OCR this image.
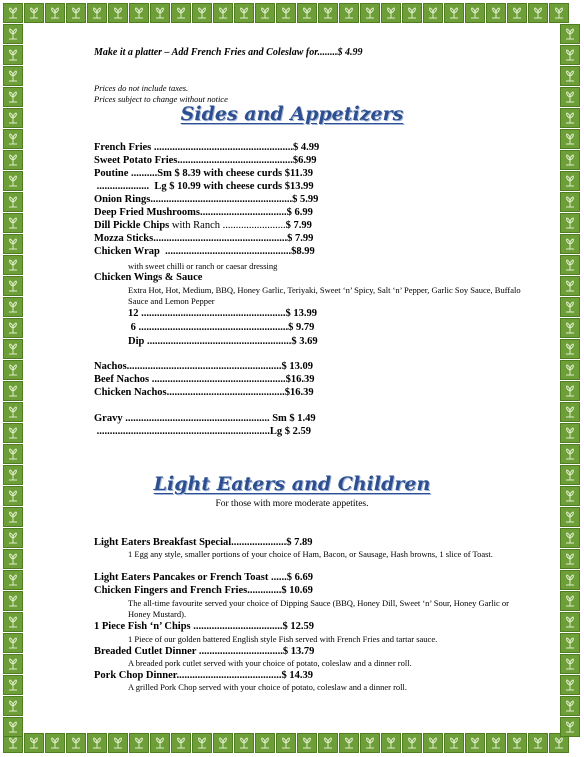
Make it a platter – Add French Fries and Coleslaw for........$ 4.99
Prices do not include taxes.
Prices subject to change without notice
Sides and Appetizers
French Fries .....................................................$ 4.99
Sweet Potato Fries............................................$6.99
Poutine ..........Sm $ 8.39 with cheese curds $11.39
....................  Lg $ 10.99 with cheese curds $13.99
Onion Rings......................................................$ 5.99
Deep Fried Mushrooms.................................$ 6.99
Dill Pickle Chips with Ranch ........................$ 7.99
Mozza Sticks...................................................$ 7.99
Chicken Wrap  ................................................$8.99
with sweet chilli or ranch or caesar dressing
Chicken Wings & Sauce
Extra Hot, Hot, Medium, BBQ, Honey Garlic, Teriyaki, Sweet ‘n’ Spicy, Salt ‘n’ Pepper, Garlic Soy Sauce, Buffalo Sauce and Lemon Pepper
12 .......................................................$ 13.99
6 .........................................................$ 9.79
Dip .......................................................$ 3.69
Nachos...........................................................$ 13.09
Beef Nachos ...................................................$16.39
Chicken Nachos.............................................$16.39
Gravy ....................................................... Sm $ 1.49
..................................................................Lg $ 2.59
Light Eaters and Children
For those with more moderate appetites.
Light Eaters Breakfast Special.....................$ 7.89
1 Egg any style, smaller portions of your choice of Ham, Bacon, or Sausage, Hash browns, 1 slice of Toast.
Light Eaters Pancakes or French Toast ......$ 6.69
Chicken Fingers and French Fries.............$ 10.69
The all-time favourite served your choice of Dipping Sauce (BBQ, Honey Dill, Sweet ‘n’ Sour, Honey Garlic or Honey Mustard).
1 Piece Fish ‘n’ Chips ..................................$ 12.59
1 Piece of our golden battered English style Fish served with French Fries and tartar sauce.
Breaded Cutlet Dinner ................................$ 13.79
A breaded pork cutlet served with your choice of potato, coleslaw and a dinner roll.
Pork Chop Dinner........................................$ 14.39
A grilled Pork Chop served with your choice of potato, coleslaw and a dinner roll.
